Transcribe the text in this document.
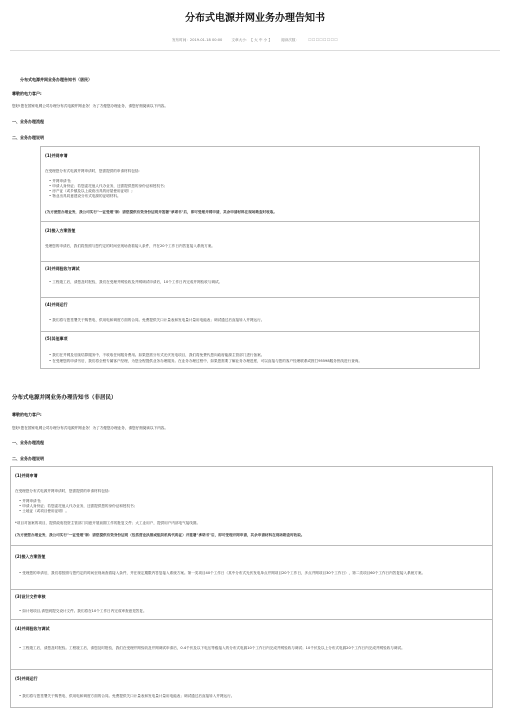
分布式电源并网业务办理告知书
发布时间：2019-01-18 00:00	文章大小：【 大 中 小 】	阅读次数：	☐☐☐☐☐☐☐☐
分布式电源并网业务办理告知书（居民）
尊敬的电力客户:
您好!您在国家电网公司办理分布式电源并网业务！为了方便您办理业务，请您仔细阅读以下内容。
一、业务办理流程
二、业务办理说明
(1)并网申请
在受理您分布式电源并网申请时，您需提供的申请材料包括:
• 并网申请书;
• 申请人身份证；若您委托他人代办业务，还需提供您的身份证和授权书;
• 房产证（或乡镇及以上政府出具的房屋使用证明）;
• 物业出具同意建设分布式电源的证明材料。
(为方便您办理业务，我公司实行"一证受理"制：请您提供有效身份证明并签署"承诺书"后，即可受理并网申请，其余申请材料在现场勘查时收取。
(2)接入方案答复
受理您的申请后，我们将按照与您约定的时间至现场查看接入条件，并在20个工作日内答复接入系统方案。
(3)并网验收与调试
• 工程竣工后，请您及时报验，我们在受理并网验收及并网调试申请后，10个工作日内完成并网验收与调试。
(4)并网运行
• 我们将与您签署关于购售电、供用电和调度方面的合同。免费提供关口计量表和发电量计量用电能表；调试通过后直接转入并网运行。
(5)其他事项
• 我们在并网及后续结算服务中，不收取任何服务费用。如果您需分布式光伏发电项目，我们将免费代您向政府能源主管部门进行备案。
• 在受理您的申请书后，我们将全程专属客户经理，为您全程提供业务办理服务。在业务办理过程中，如果您需要了解业务办理进度，可以直接与您的客户经理联系或拨打95598服务热线进行查询。
分布式电源并网业务办理告知书（非居民）
尊敬的电力客户:
您好!您在国家电网公司办理分布式电源并网业务！为了方便您办理业务，请您仔细阅读以下内容。
一、业务办理流程
二、业务办理说明
(1)并网申请
在受理您分布式电源并网申请时，您需提供的申请材料包括:
• 并网申请书;
• 申请人身份证；若您委托他人代办业务，还需提供您的身份证和授权书;
• 土地证（或项目使用证明）。
*项目对备案的项目，提供政府投资主管部门同意开展前期工作的批复文件；大工业用户，提供用户内部电气接线图。
(为方便您办理业务，我公司实行"一证受理"制：请您提供有效身份证明（包括营业执照或组织机构代码证）并签署"承诺书"后，即可受理并网申请，其余申请材料在现场勘查时收取。
(2)接入方案答复
• 受理您的申请后，我们将按照与您约定的时间至现场查看接入条件，并在规定期限内答复接入系统方案。第一类项目40个工作日（其中分布式光伏发电单点并网项目20个工作日，多点并网项目30个工作日），第二类项目60个工作日内答复接入系统方案。
(3)设计文件审核
• 如计划项目,请您到提交设计文件。我们将在10个工作日内完成审查意见答复。
(4)并网验收与调试
• 工程竣工后，请您及时报验。工程竣工后，请您及时报验，我们在受理并网验收及并网调试申请后，0.4千伏及以下电压等级接入的分布式电源10个工作日内完成并网验收与调试；10千伏及以上分布式电源20个工作日内完成并网验收与调试。
(5)并网运行
• 我们将与您签署关于购售电、供用电和调度方面的合同。免费提供关口计量表和发电量计量用电能表；调试通过后直接转入并网运行。
